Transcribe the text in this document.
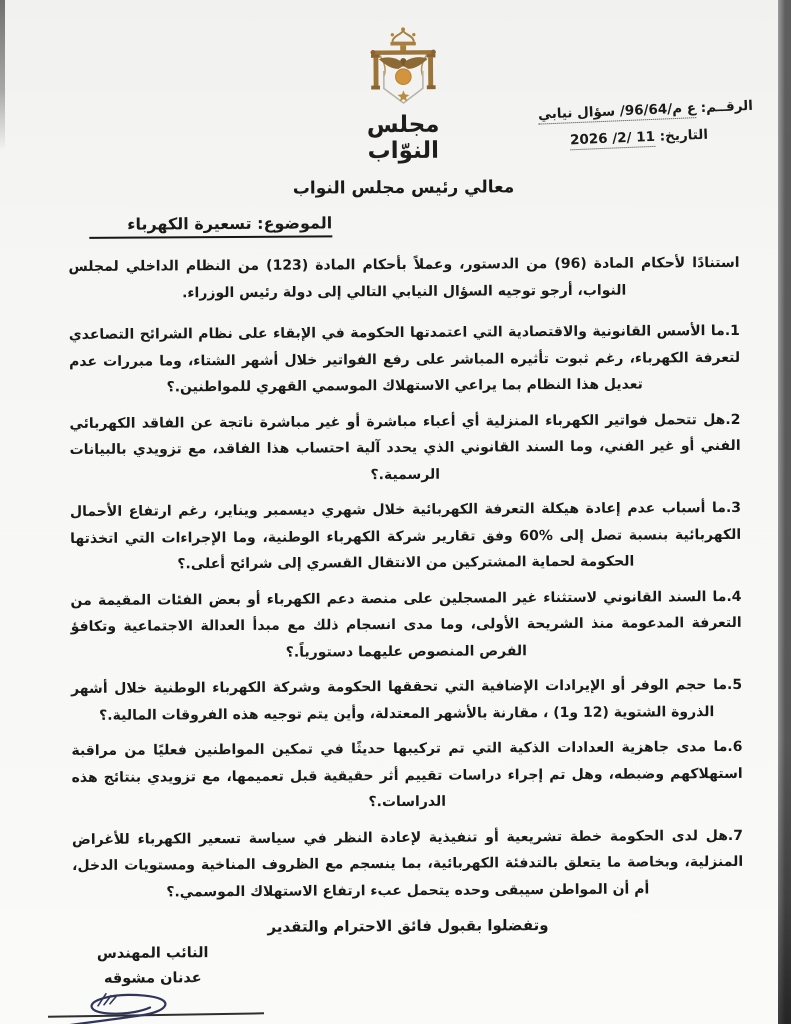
الرقــم: ع م/96/64/ سؤال نيابي
التاريخ: 11 /2/ 2026
مجلس النوّاب
معالي رئيس مجلس النواب
الموضوع: تسعيرة الكهرباء

استنادًا لأحكام المادة (96) من الدستور، وعملاً بأحكام المادة (123) من النظام الداخلي لمجلس النواب، أرجو توجيه السؤال النيابي التالي إلى دولة رئيس الوزراء.

1.ما الأسس القانونية والاقتصادية التي اعتمدتها الحكومة في الإبقاء على نظام الشرائح التصاعدي لتعرفة الكهرباء، رغم ثبوت تأثيره المباشر على رفع الفواتير خلال أشهر الشتاء، وما مبررات عدم تعديل هذا النظام بما يراعي الاستهلاك الموسمي القهري للمواطنين.؟

2.هل تتحمل فواتير الكهرباء المنزلية أي أعباء مباشرة أو غير مباشرة ناتجة عن الفاقد الكهربائي الفني أو غير الفني، وما السند القانوني الذي يحدد آلية احتساب هذا الفاقد، مع تزويدي بالبيانات الرسمية.؟

3.ما أسباب عدم إعادة هيكلة التعرفة الكهربائية خلال شهري ديسمبر ويناير، رغم ارتفاع الأحمال الكهربائية بنسبة تصل إلى %60 وفق تقارير شركة الكهرباء الوطنية، وما الإجراءات التي اتخذتها الحكومة لحماية المشتركين من الانتقال القسري إلى شرائح أعلى.؟

4.ما السند القانوني لاستثناء غير المسجلين على منصة دعم الكهرباء أو بعض الفئات المقيمة من التعرفة المدعومة منذ الشريحة الأولى، وما مدى انسجام ذلك مع مبدأ العدالة الاجتماعية وتكافؤ الفرص المنصوص عليهما دستورياً.؟

5.ما حجم الوفر أو الإيرادات الإضافية التي تحققها الحكومة وشركة الكهرباء الوطنية خلال أشهر الذروة الشتوية (12 و1) ، مقارنة بالأشهر المعتدلة، وأين يتم توجيه هذه الفروقات المالية.؟

6.ما مدى جاهزية العدادات الذكية التي تم تركيبها حديثًا في تمكين المواطنين فعليًا من مراقبة استهلاكهم وضبطه، وهل تم إجراء دراسات تقييم أثر حقيقية قبل تعميمها، مع تزويدي بنتائج هذه الدراسات.؟

7.هل لدى الحكومة خطة تشريعية أو تنفيذية لإعادة النظر في سياسة تسعير الكهرباء للأغراض المنزلية، وبخاصة ما يتعلق بالتدفئة الكهربائية، بما ينسجم مع الظروف المناخية ومستويات الدخل، أم أن المواطن سيبقى وحده يتحمل عبء ارتفاع الاستهلاك الموسمي.؟

وتفضلوا بقبول فائق الاحترام والتقدير
النائب المهندس
عدنان مشوقه
